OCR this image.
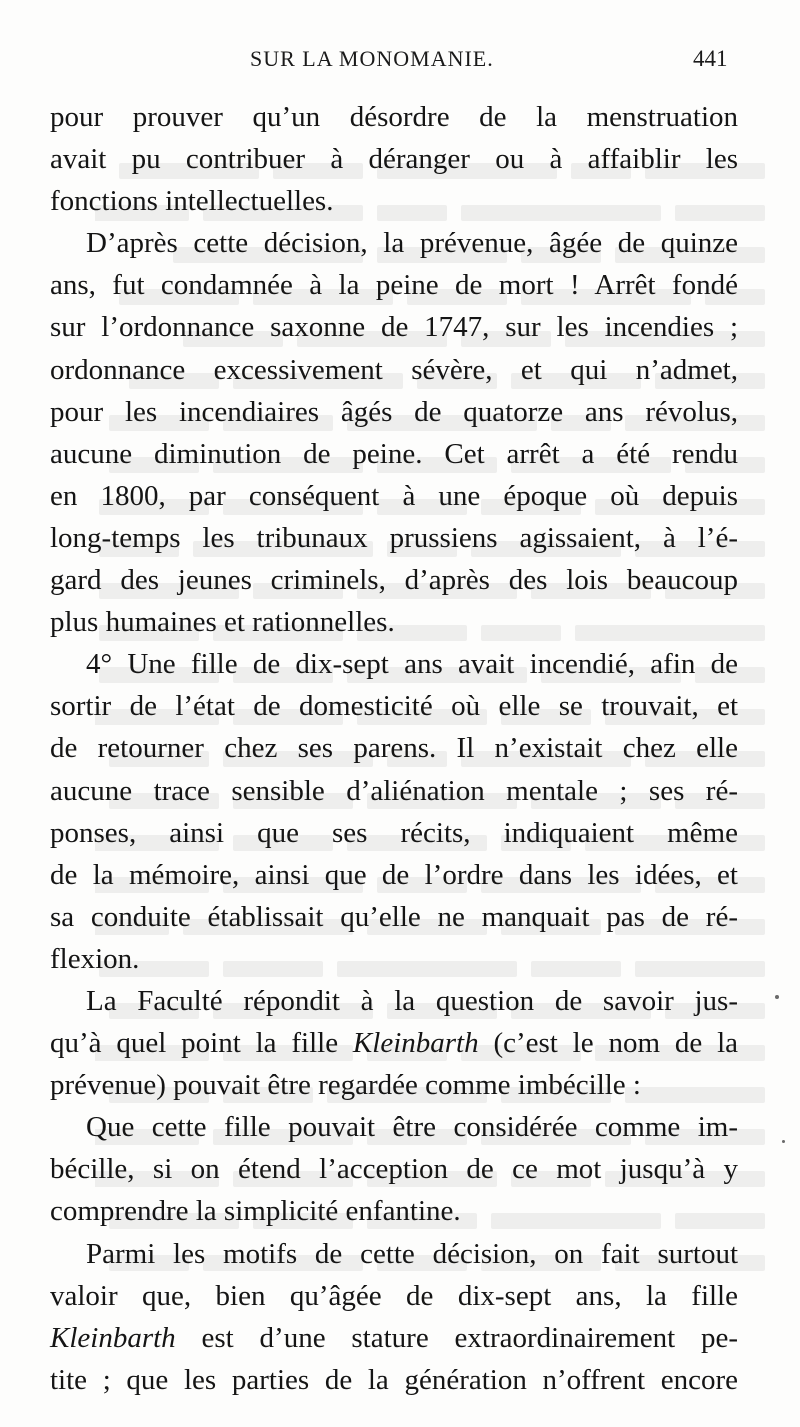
SUR LA MONOMANIE.	441
pour prouver qu’un désordre de la menstruation
avait pu contribuer à déranger ou à affaiblir les
fonctions intellectuelles.
D’après cette décision, la prévenue, âgée de quinze
ans, fut condamnée à la peine de mort ! Arrêt fondé
sur l’ordonnance saxonne de 1747, sur les incendies ;
ordonnance excessivement sévère, et qui n’admet,
pour les incendiaires âgés de quatorze ans révolus,
aucune diminution de peine. Cet arrêt a été rendu
en 1800, par conséquent à une époque où depuis
long-temps les tribunaux prussiens agissaient, à l’é-
gard des jeunes criminels, d’après des lois beaucoup
plus humaines et rationnelles.
4° Une fille de dix-sept ans avait incendié, afin de
sortir de l’état de domesticité où elle se trouvait, et
de retourner chez ses parens. Il n’existait chez elle
aucune trace sensible d’aliénation mentale ; ses ré-
ponses, ainsi que ses récits, indiquaient même
de la mémoire, ainsi que de l’ordre dans les idées, et
sa conduite établissait qu’elle ne manquait pas de ré-
flexion.
La Faculté répondit à la question de savoir jus-
qu’à quel point la fille Kleinbarth (c’est le nom de la
prévenue) pouvait être regardée comme imbécille :
Que cette fille pouvait être considérée comme im-
bécille, si on étend l’acception de ce mot jusqu’à y
comprendre la simplicité enfantine.
Parmi les motifs de cette décision, on fait surtout
valoir que, bien qu’âgée de dix-sept ans, la fille
Kleinbarth est d’une stature extraordinairement pe-
tite ; que les parties de la génération n’offrent encore
